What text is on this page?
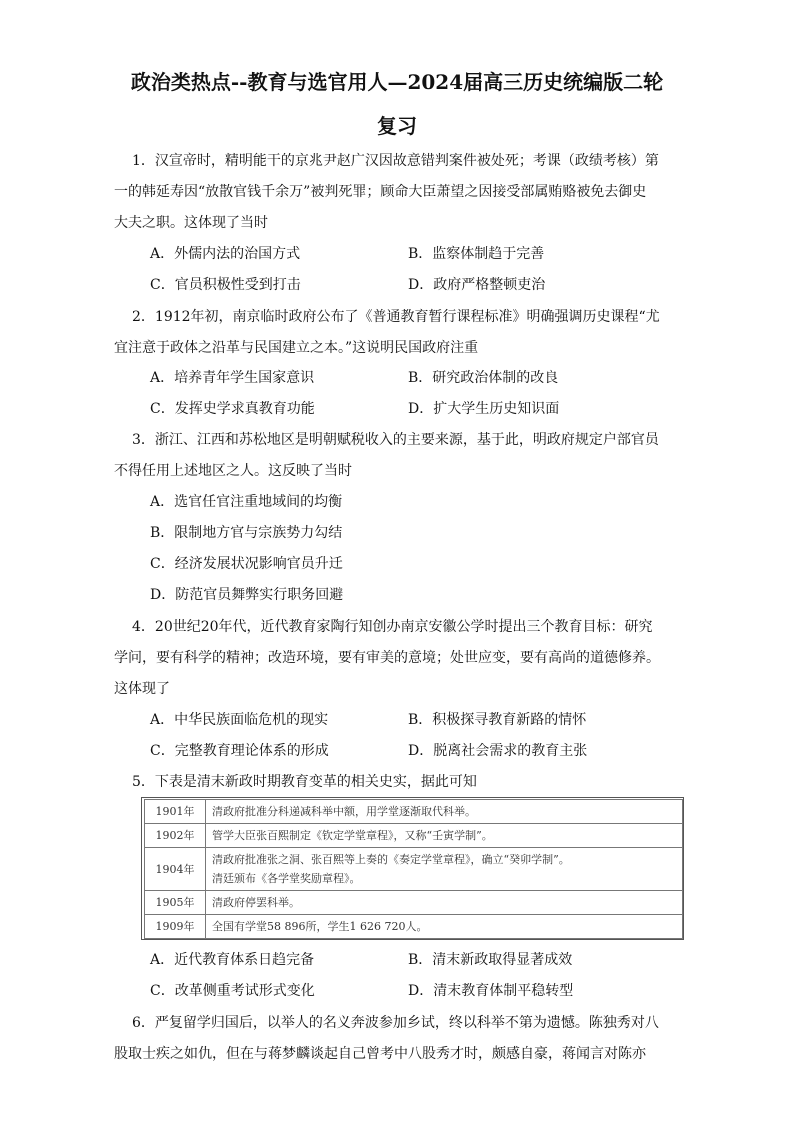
政治类热点--教育与选官用人—2024届高三历史统编版二轮
复习

1．汉宣帝时，精明能干的京兆尹赵广汉因故意错判案件被处死；考课（政绩考核）第

一的韩延寿因“放散官钱千余万”被判死罪；顾命大臣萧望之因接受部属贿赂被免去御史

大夫之职。这体现了当时

A．外儒内法的治国方式	B．监察体制趋于完善
C．官员积极性受到打击	D．政府严格整顿吏治

2．1912年初，南京临时政府公布了《普通教育暂行课程标准》明确强调历史课程“尤

宜注意于政体之沿革与民国建立之本。”这说明民国政府注重

A．培养青年学生国家意识	B．研究政治体制的改良
C．发挥史学求真教育功能	D．扩大学生历史知识面

3．浙江、江西和苏松地区是明朝赋税收入的主要来源，基于此，明政府规定户部官员

不得任用上述地区之人。这反映了当时

A．选官任官注重地域间的均衡
B．限制地方官与宗族势力勾结
C．经济发展状况影响官员升迁
D．防范官员舞弊实行职务回避

4．20世纪20年代，近代教育家陶行知创办南京安徽公学时提出三个教育目标：研究

学问，要有科学的精神；改造环境，要有审美的意境；处世应变，要有高尚的道德修养。

这体现了

A．中华民族面临危机的现实	B．积极探寻教育新路的情怀
C．完整教育理论体系的形成	D．脱离社会需求的教育主张

5．下表是清末新政时期教育变革的相关史实，据此可知

1901年	清政府批准分科递减科举中额，用学堂逐渐取代科举。
1902年	管学大臣张百熙制定《钦定学堂章程》，又称“壬寅学制”。
1904年	清政府批准张之洞、张百熙等上奏的《奏定学堂章程》，确立“癸卯学制”。
清廷颁布《各学堂奖励章程》。

1905年	清政府停罢科举。
1909年	全国有学堂58 896所，学生1 626 720人。
A．近代教育体系日趋完备	B．清末新政取得显著成效
C．改革侧重考试形式变化	D．清末教育体制平稳转型

6．严复留学归国后，以举人的名义奔波参加乡试，终以科举不第为遗憾。陈独秀对八

股取士疾之如仇，但在与蒋梦麟谈起自己曾考中八股秀才时，颇感自豪，蒋闻言对陈亦
